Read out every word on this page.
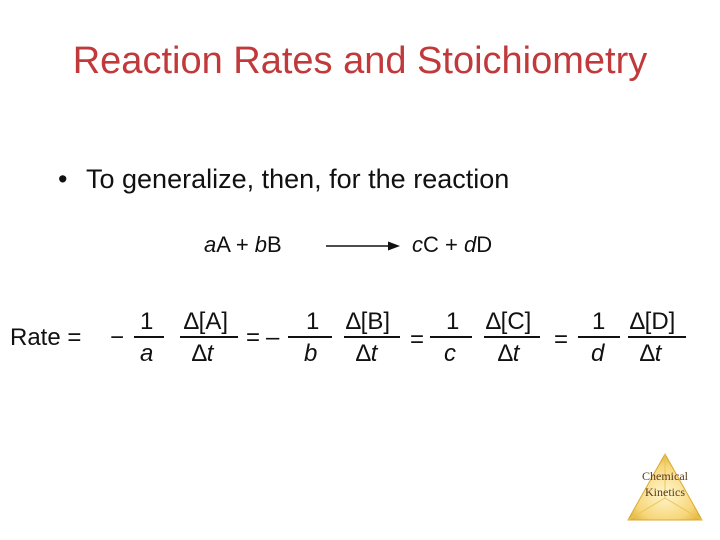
Reaction Rates and Stoichiometry
• To generalize, then, for the reaction
aA + bB → cC + dD
Rate = −
1
a
∆[A]
∆t
= –
1
b
∆[B]
∆t
=
1
c
∆[C]
∆t
=
1
d
∆[D]
∆t
Chemical
Kinetics
